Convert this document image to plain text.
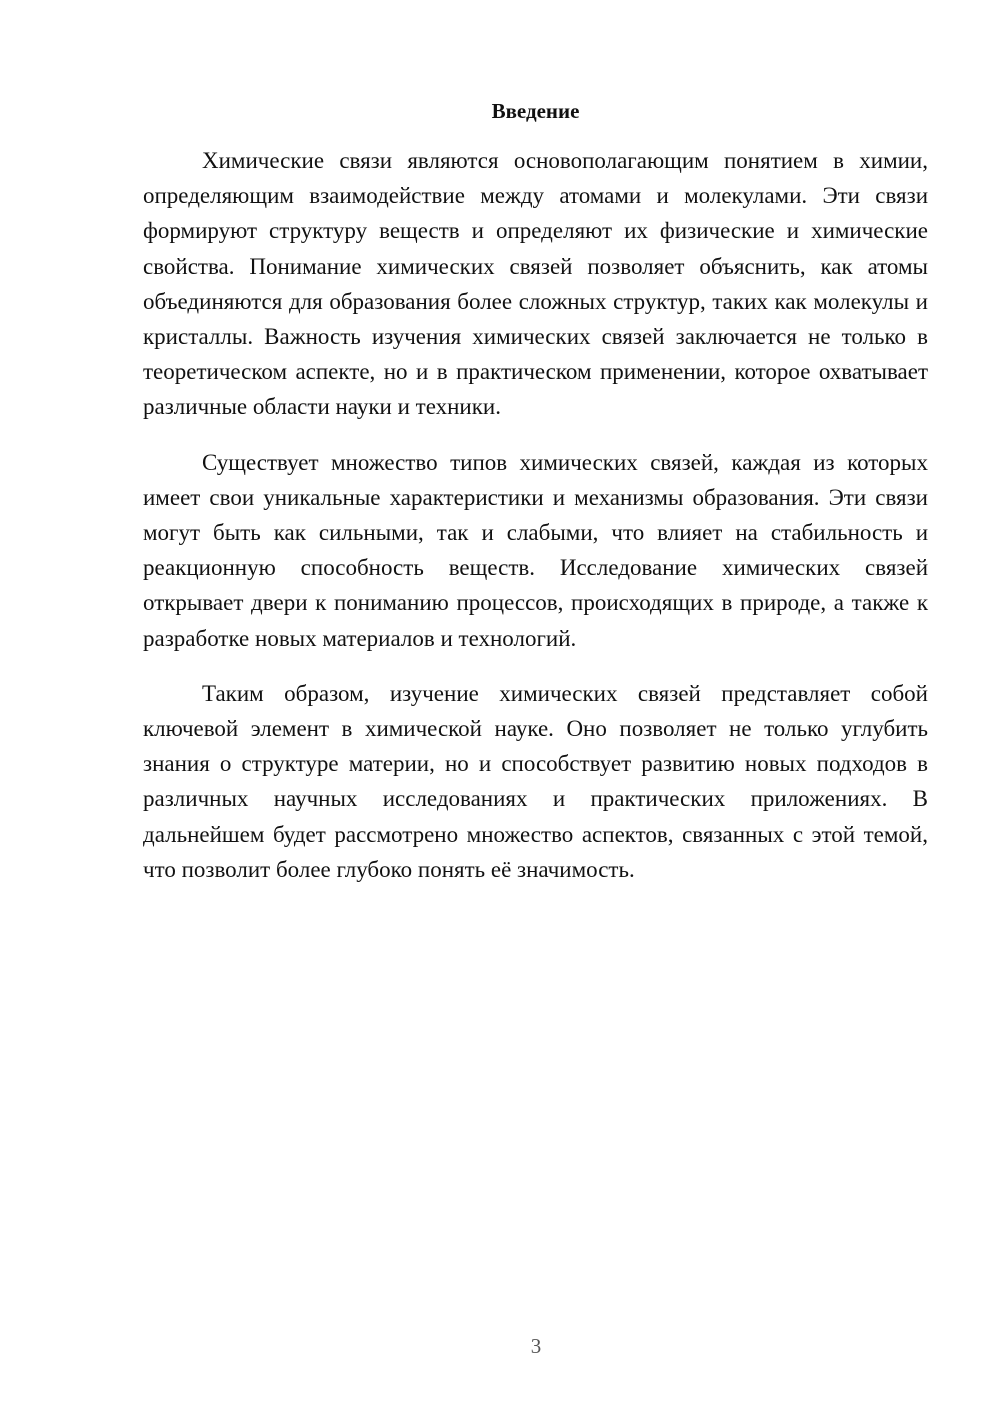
Введение

Химические связи являются основополагающим понятием в химии, определяющим взаимодействие между атомами и молекулами. Эти связи формируют структуру веществ и определяют их физические и химические свойства. Понимание химических связей позволяет объяснить, как атомы объединяются для образования более сложных структур, таких как молекулы и кристаллы. Важность изучения химических связей заключается не только в теоретическом аспекте, но и в практическом применении, которое охватывает различные области науки и техники.

Существует множество типов химических связей, каждая из которых имеет свои уникальные характеристики и механизмы образования. Эти связи могут быть как сильными, так и слабыми, что влияет на стабильность и реакционную способность веществ. Исследование химических связей открывает двери к пониманию процессов, происходящих в природе, а также к разработке новых материалов и технологий.

Таким образом, изучение химических связей представляет собой ключевой элемент в химической науке. Оно позволяет не только углубить знания о структуре материи, но и способствует развитию новых подходов в различных научных исследованиях и практических приложениях. В дальнейшем будет рассмотрено множество аспектов, связанных с этой темой, что позволит более глубоко понять её значимость.

3
